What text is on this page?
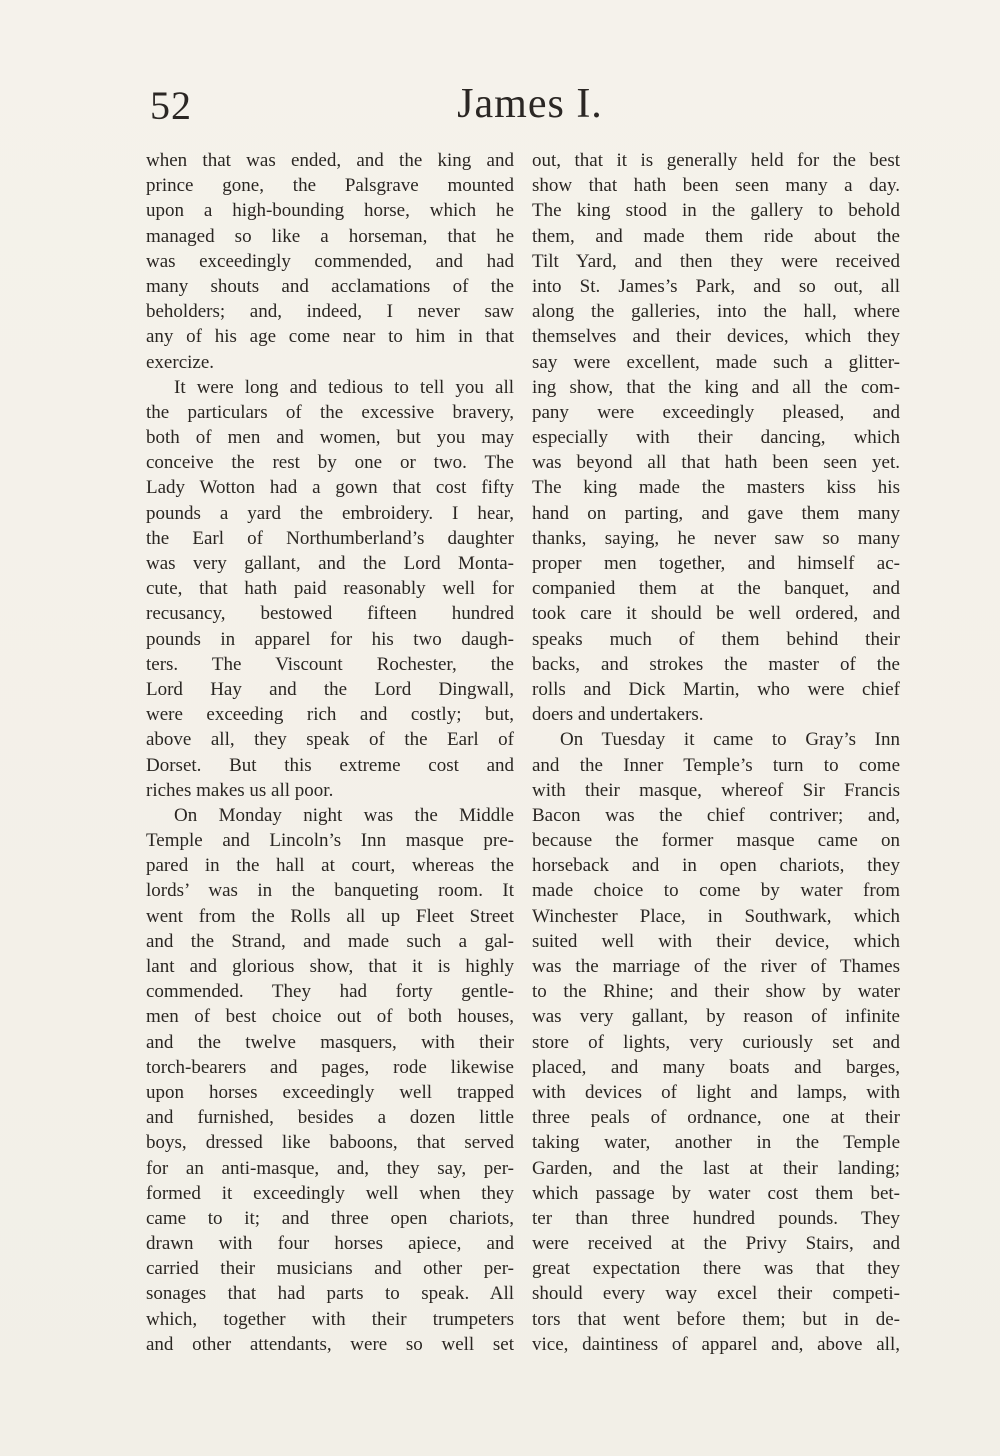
52	James I.
when that was ended, and the king and
prince gone, the Palsgrave mounted
upon a high-bounding horse, which he
managed so like a horseman, that he
was exceedingly commended, and had
many shouts and acclamations of the
beholders; and, indeed, I never saw
any of his age come near to him in that
exercize.
It were long and tedious to tell you all
the particulars of the excessive bravery,
both of men and women, but you may
conceive the rest by one or two. The
Lady Wotton had a gown that cost fifty
pounds a yard the embroidery. I hear,
the Earl of Northumberland’s daughter
was very gallant, and the Lord Monta-
cute, that hath paid reasonably well for
recusancy, bestowed fifteen hundred
pounds in apparel for his two daugh-
ters. The Viscount Rochester, the
Lord Hay and the Lord Dingwall,
were exceeding rich and costly; but,
above all, they speak of the Earl of
Dorset. But this extreme cost and
riches makes us all poor.
On Monday night was the Middle
Temple and Lincoln’s Inn masque pre-
pared in the hall at court, whereas the
lords’ was in the banqueting room. It
went from the Rolls all up Fleet Street
and the Strand, and made such a gal-
lant and glorious show, that it is highly
commended. They had forty gentle-
men of best choice out of both houses,
and the twelve masquers, with their
torch-bearers and pages, rode likewise
upon horses exceedingly well trapped
and furnished, besides a dozen little
boys, dressed like baboons, that served
for an anti-masque, and, they say, per-
formed it exceedingly well when they
came to it; and three open chariots,
drawn with four horses apiece, and
carried their musicians and other per-
sonages that had parts to speak. All
which, together with their trumpeters
and other attendants, were so well set
out, that it is generally held for the best
show that hath been seen many a day.
The king stood in the gallery to behold
them, and made them ride about the
Tilt Yard, and then they were received
into St. James’s Park, and so out, all
along the galleries, into the hall, where
themselves and their devices, which they
say were excellent, made such a glitter-
ing show, that the king and all the com-
pany were exceedingly pleased, and
especially with their dancing, which
was beyond all that hath been seen yet.
The king made the masters kiss his
hand on parting, and gave them many
thanks, saying, he never saw so many
proper men together, and himself ac-
companied them at the banquet, and
took care it should be well ordered, and
speaks much of them behind their
backs, and strokes the master of the
rolls and Dick Martin, who were chief
doers and undertakers.
On Tuesday it came to Gray’s Inn
and the Inner Temple’s turn to come
with their masque, whereof Sir Francis
Bacon was the chief contriver; and,
because the former masque came on
horseback and in open chariots, they
made choice to come by water from
Winchester Place, in Southwark, which
suited well with their device, which
was the marriage of the river of Thames
to the Rhine; and their show by water
was very gallant, by reason of infinite
store of lights, very curiously set and
placed, and many boats and barges,
with devices of light and lamps, with
three peals of ordnance, one at their
taking water, another in the Temple
Garden, and the last at their landing;
which passage by water cost them bet-
ter than three hundred pounds. They
were received at the Privy Stairs, and
great expectation there was that they
should every way excel their competi-
tors that went before them; but in de-
vice, daintiness of apparel and, above all,
